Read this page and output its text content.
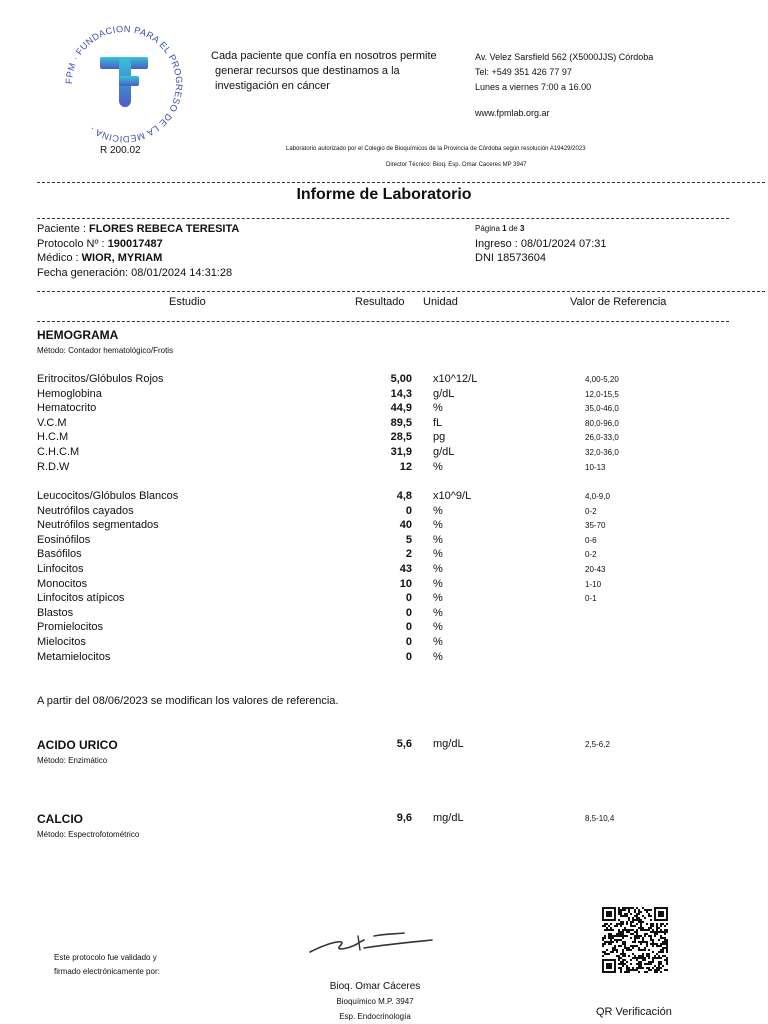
FPM · FUNDACION PARA EL PROGRESO DE LA MEDICINA ·
R 200.02
Cada paciente que confía en nosotros permite
generar recursos que destinamos a la
investigación en cáncer
Av. Velez Sarsfield 562 (X5000JJS) Córdoba
Tel: +549 351 426 77 97
Lunes a viernes 7:00 a 16.00
www.fpmlab.org.ar
Laboratorio autorizado por el Colegio de Bioquímicos de la Provincia de Córdoba según resolución A19429/2023
Director Técnico: Bioq. Esp. Omar Caceres MP 3947
Informe de Laboratorio
Paciente : FLORES REBECA TERESITA
Protocolo Nº : 190017487
Médico : WIOR, MYRIAM
Fecha generación: 08/01/2024 14:31:28
Página 1 de 3
Ingreso : 08/01/2024 07:31
DNI 18573604
Estudio	Resultado Unidad	Valor de Referencia
HEMOGRAMA
Método: Contador hematológico/Frotis
Eritrocitos/Glóbulos Rojos	5,00 x10^12/L	4,00-5,20
Hemoglobina	14,3 g/dL	12,0-15,5
Hematocrito	44,9 %	35,0-46,0
V.C.M	89,5 fL	80,0-96,0
H.C.M	28,5 pg	26,0-33,0
C.H.C.M	31,9 g/dL	32,0-36,0
R.D.W	12 %	10-13
Leucocitos/Glóbulos Blancos	4,8 x10^9/L	4,0-9,0
Neutrófilos cayados	0 %	0-2
Neutrófilos segmentados	40 %	35-70
Eosinófilos	5 %	0-6
Basófilos	2 %	0-2
Linfocitos	43 %	20-43
Monocitos	10 %	1-10
Linfocitos atípicos	0 %	0-1
Blastos	0 %
Promielocitos	0 %
Mielocitos	0 %
Metamielocitos	0 %
A partir del 08/06/2023 se modifican los valores de referencia.
ACIDO URICO
Método: Enzimático
5,6 mg/dL	2,5-6,2
CALCIO
Método: Espectrofotométrico
9,6 mg/dL	8,5-10,4
Este protocolo fue validado y
firmado electrónicamente por:
Bioq. Omar Cáceres
Bioquímico M.P. 3947
Esp. Endocrinología	QR Verificación
